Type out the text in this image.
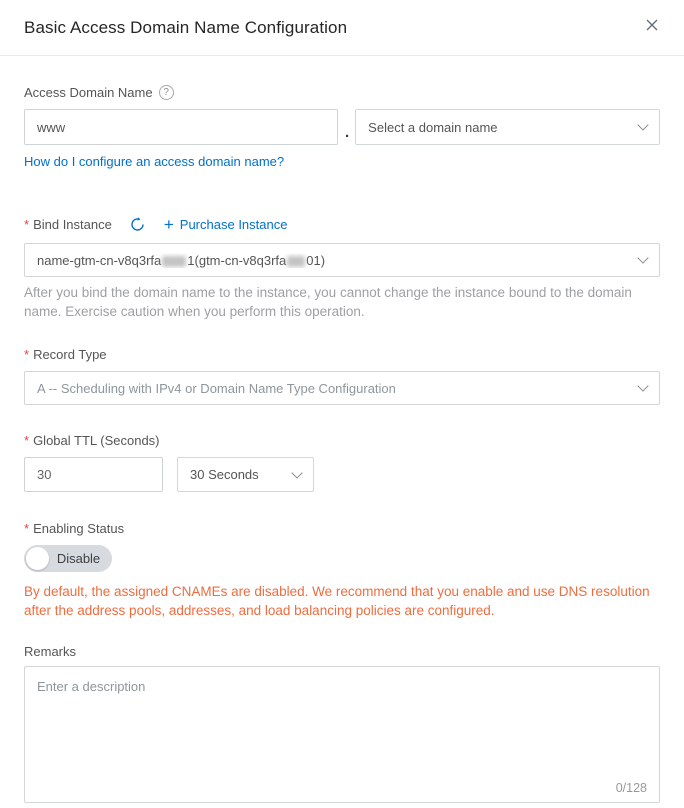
Basic Access Domain Name Configuration
Access Domain Name	?
www
. Select a domain name
How do I configure an access domain name?
* Bind Instance	+ Purchase Instance
name-gtm-cn-v8q3rfa 1(gtm-cn-v8q3rfa 01)
After you bind the domain name to the instance, you cannot change the instance bound to the domain name. Exercise caution when you perform this operation.
* Record Type
A -- Scheduling with IPv4 or Domain Name Type Configuration
* Global TTL (Seconds)
30
30 Seconds
* Enabling Status
Disable
By default, the assigned CNAMEs are disabled. We recommend that you enable and use DNS resolution after the address pools, addresses, and load balancing policies are configured.
Remarks
Enter a description
0/128
